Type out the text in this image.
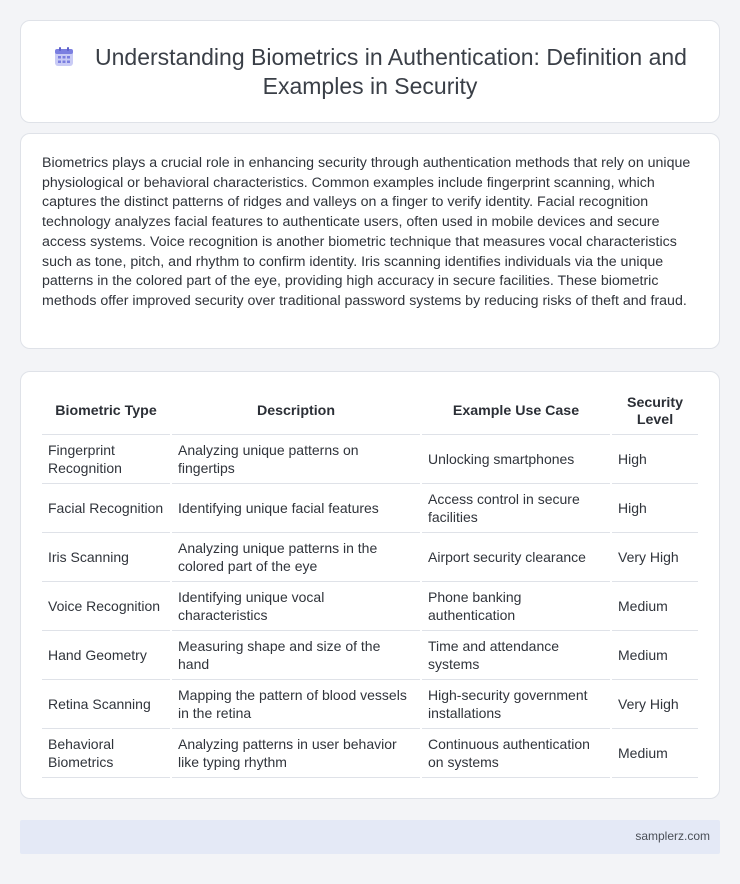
Understanding Biometrics in Authentication: Definition and Examples in Security

Biometrics plays a crucial role in enhancing security through authentication methods that rely on unique physiological or behavioral characteristics. Common examples include fingerprint scanning, which captures the distinct patterns of ridges and valleys on a finger to verify identity. Facial recognition technology analyzes facial features to authenticate users, often used in mobile devices and secure access systems. Voice recognition is another biometric technique that measures vocal characteristics such as tone, pitch, and rhythm to confirm identity. Iris scanning identifies individuals via the unique patterns in the colored part of the eye, providing high accuracy in secure facilities. These biometric methods offer improved security over traditional password systems by reducing risks of theft and fraud.

Biometric Type	Description	Example Use Case	Security Level
Fingerprint Recognition	Analyzing unique patterns on fingertips	Unlocking smartphones	High
Facial Recognition	Identifying unique facial features	Access control in secure facilities	High
Iris Scanning	Analyzing unique patterns in the colored part of the eye	Airport security clearance	Very High
Voice Recognition	Identifying unique vocal characteristics	Phone banking authentication	Medium
Hand Geometry	Measuring shape and size of the hand	Time and attendance systems	Medium
Retina Scanning	Mapping the pattern of blood vessels in the retina	High-security government installations	Very High
Behavioral Biometrics	Analyzing patterns in user behavior like typing rhythm	Continuous authentication on systems	Medium
samplerz.com
